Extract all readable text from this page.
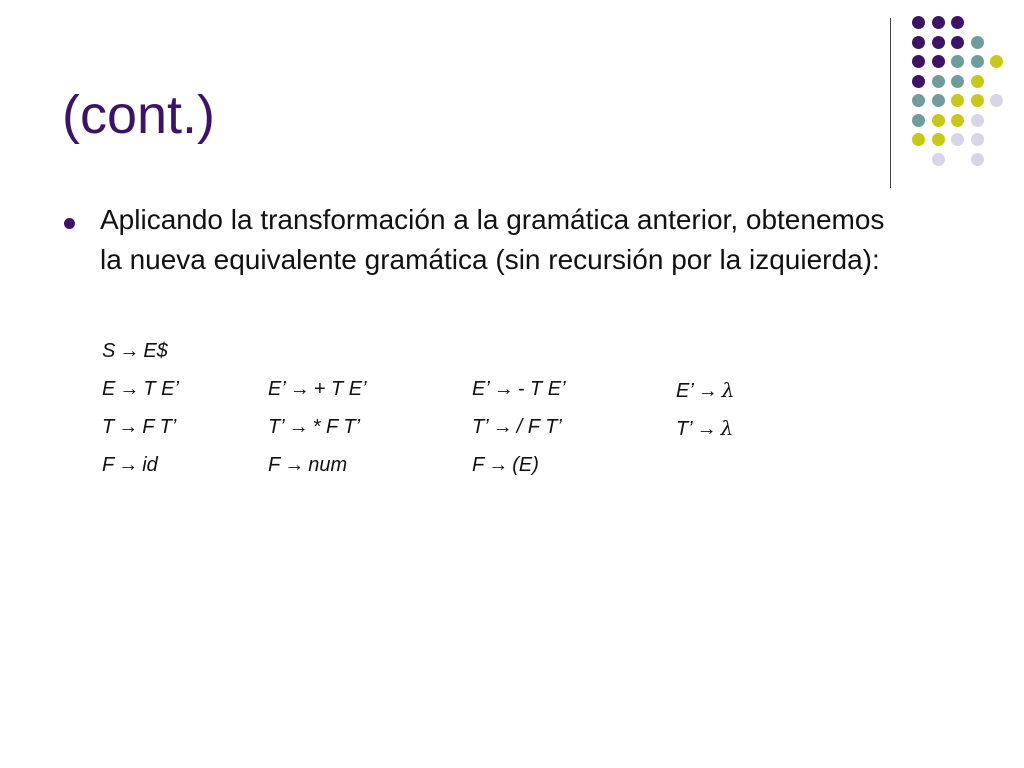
(cont.)
Aplicando la transformación a la gramática anterior, obtenemos la nueva equivalente gramática (sin recursión por la izquierda):
S → E$
E → T E’	E’ → + T E’	E’ → - T E’	E’ → λ
T → F T’	T’ → * F T’	T’ → / F T’	T’ → λ
F → id	F → num	F → (E)
